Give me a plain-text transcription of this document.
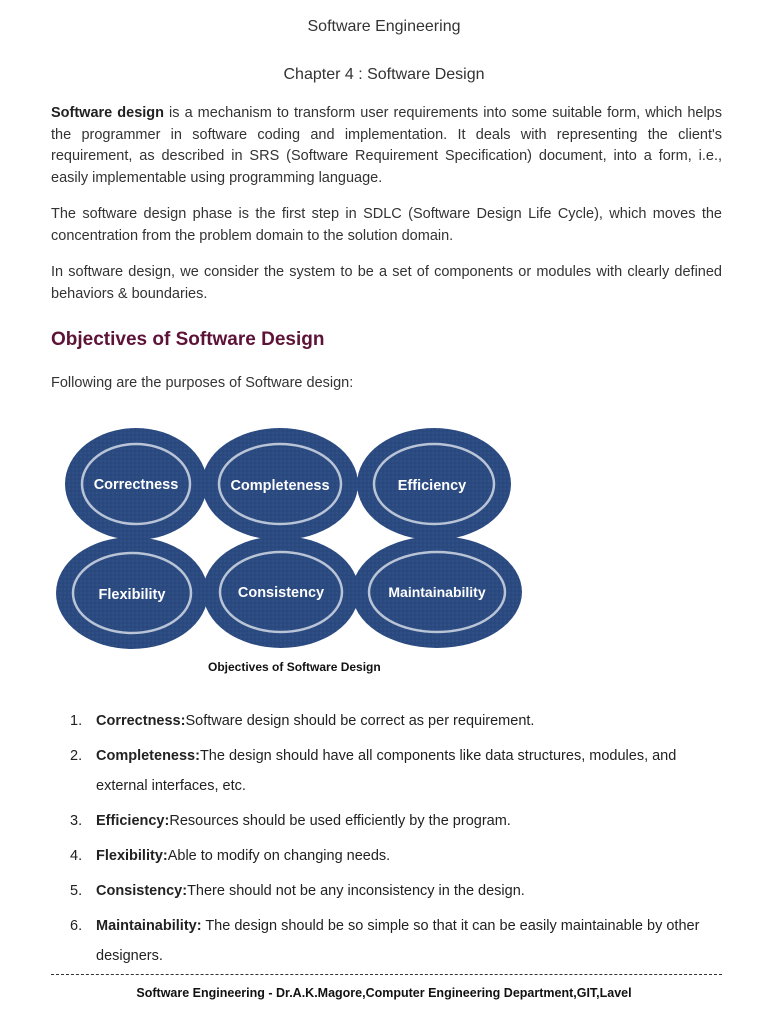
Software Engineering
Chapter 4 : Software Design
Software design is a mechanism to transform user requirements into some suitable form, which helps the programmer in software coding and implementation. It deals with representing the client's requirement, as described in SRS (Software Requirement Specification) document, into a form, i.e., easily implementable using programming language.
The software design phase is the first step in SDLC (Software Design Life Cycle), which moves the concentration from the problem domain to the solution domain.
In software design, we consider the system to be a set of components or modules with clearly defined behaviors & boundaries.
Objectives of Software Design
Following are the purposes of Software design:
Correctness	Completeness	Efficiency
Flexibility	Consistency	Maintainability
Objectives of Software Design
1. Correctness:Software design should be correct as per requirement.
2. Completeness:The design should have all components like data structures, modules, and external interfaces, etc.
3. Efficiency:Resources should be used efficiently by the program.
4. Flexibility:Able to modify on changing needs.
5. Consistency:There should not be any inconsistency in the design.
6. Maintainability: The design should be so simple so that it can be easily maintainable by other designers.
Software Engineering - Dr.A.K.Magore,Computer Engineering Department,GIT,Lavel
